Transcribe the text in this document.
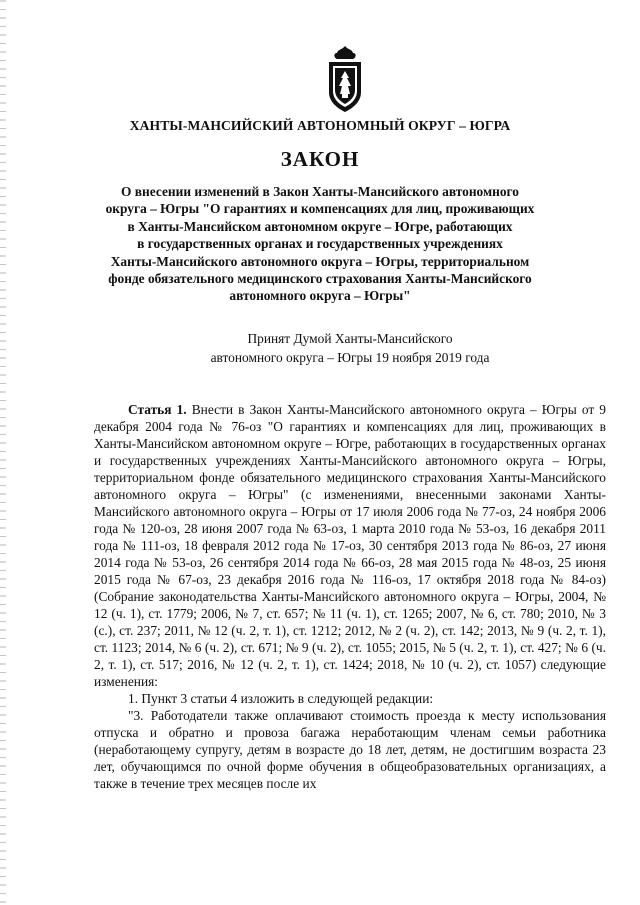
ХАНТЫ-МАНСИЙСКИЙ АВТОНОМНЫЙ ОКРУГ – ЮГРА
ЗАКОН
О внесении изменений в Закон Ханты-Мансийского автономного
округа – Югры "О гарантиях и компенсациях для лиц, проживающих
в Ханты-Мансийском автономном округе – Югре, работающих
в государственных органах и государственных учреждениях
Ханты-Мансийского автономного округа – Югры, территориальном
фонде обязательного медицинского страхования Ханты-Мансийского
автономного округа – Югры"
Принят Думой Ханты-Мансийского
автономного округа – Югры 19 ноября 2019 года

Статья 1. Внести в Закон Ханты-Мансийского автономного округа – Югры от 9 декабря 2004 года № 76-оз "О гарантиях и компенсациях для лиц, проживающих в Ханты-Мансийском автономном округе – Югре, работающих в государственных органах и государственных учреждениях Ханты-Мансийского автономного округа – Югры, территориальном фонде обязательного медицинского страхования Ханты-Мансийского автономного округа – Югры" (с изменениями, внесенными законами Ханты-Мансийского автономного округа – Югры от 17 июля 2006 года № 77-оз, 24 ноября 2006 года № 120-оз, 28 июня 2007 года № 63-оз, 1 марта 2010 года № 53-оз, 16 декабря 2011 года № 111-оз, 18 февраля 2012 года № 17-оз, 30 сентября 2013 года № 86-оз, 27 июня 2014 года № 53-оз, 26 сентября 2014 года № 66-оз, 28 мая 2015 года № 48-оз, 25 июня 2015 года № 67-оз, 23 декабря 2016 года № 116-оз, 17 октября 2018 года № 84-оз) (Собрание законодательства Ханты-Мансийского автономного округа – Югры, 2004, № 12 (ч. 1), ст. 1779; 2006, № 7, ст. 657; № 11 (ч. 1), ст. 1265; 2007, № 6, ст. 780; 2010, № 3 (с.), ст. 237; 2011, № 12 (ч. 2, т. 1), ст. 1212; 2012, № 2 (ч. 2), ст. 142; 2013, № 9 (ч. 2, т. 1), ст. 1123; 2014, № 6 (ч. 2), ст. 671; № 9 (ч. 2), ст. 1055; 2015, № 5 (ч. 2, т. 1), ст. 427; № 6 (ч. 2, т. 1), ст. 517; 2016, № 12 (ч. 2, т. 1), ст. 1424; 2018, № 10 (ч. 2), ст. 1057) следующие изменения:

1. Пункт 3 статьи 4 изложить в следующей редакции:

"3. Работодатели также оплачивают стоимость проезда к месту использования отпуска и обратно и провоза багажа неработающим членам семьи работника (неработающему супругу, детям в возрасте до 18 лет, детям, не достигшим возраста 23 лет, обучающимся по очной форме обучения в общеобразовательных организациях, а также в течение трех месяцев после их
